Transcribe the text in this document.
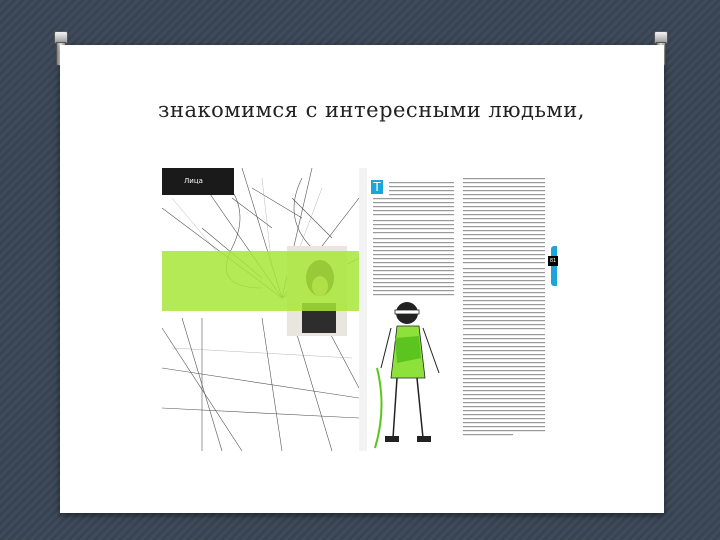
знакомимся с интересными людьми,
Лица	Т
81
